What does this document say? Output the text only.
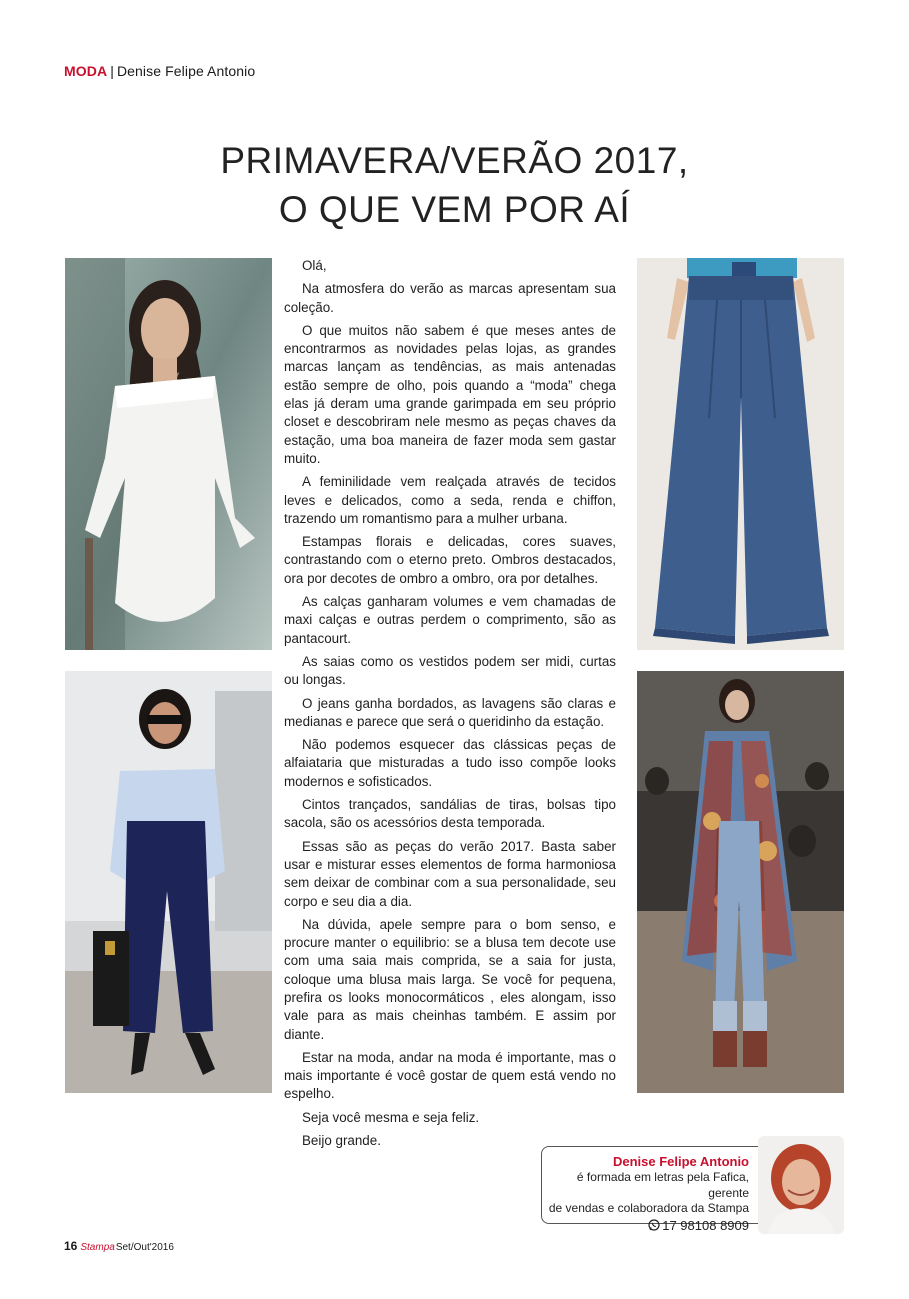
MODA | Denise Felipe Antonio
PRIMAVERA/VERÃO 2017,
O QUE VEM POR AÍ

Olá,

Na atmosfera do verão as marcas apresentam sua coleção.

O que muitos não sabem é que meses antes de encontrarmos as novidades pelas lojas, as grandes marcas lançam as tendências, as mais antenadas estão sempre de olho, pois quando a “moda” chega elas já deram uma grande garimpada em seu próprio closet e descobriram nele mesmo as peças chaves da estação, uma boa maneira de fazer moda sem gastar muito.

A feminilidade vem realçada através de tecidos leves e delicados, como a seda, renda e chiffon, trazendo um romantismo para a mulher urbana.

Estampas florais e delicadas, cores suaves, contrastando com o eterno preto. Ombros destacados, ora por decotes de ombro a ombro, ora por detalhes.

As calças ganharam volumes e vem chamadas de maxi calças e outras perdem o comprimento, são as pantacourt.

As saias como os vestidos podem ser midi, curtas ou longas.

O jeans ganha bordados, as lavagens são claras e medianas e parece que será o queridinho da estação.

Não podemos esquecer das clássicas peças de alfaiataria que misturadas a tudo isso compõe looks modernos e sofisticados.

Cintos trançados, sandálias de tiras, bolsas tipo sacola, são os acessórios desta temporada.

Essas são as peças do verão 2017. Basta saber usar e misturar esses elementos de forma harmoniosa sem deixar de combinar com a sua personalidade, seu corpo e seu dia a dia.

Na dúvida, apele sempre para o bom senso, e procure manter o equilibrio: se a blusa tem decote use com uma saia mais comprida, se a saia for justa, coloque uma blusa mais larga. Se você for pequena, prefira os looks monocormáticos , eles alongam, isso vale para as mais cheinhas também. E assim por diante.

Estar na moda, andar na moda é importante, mas o mais importante é você gostar de quem está vendo no espelho.

Seja você mesma e seja feliz.

Beijo grande.

Denise Felipe Antonio
é formada em letras pela Fafica, gerente
de vendas e colaboradora da Stampa
17 98108 8909
16 StampaSet/Out'2016
